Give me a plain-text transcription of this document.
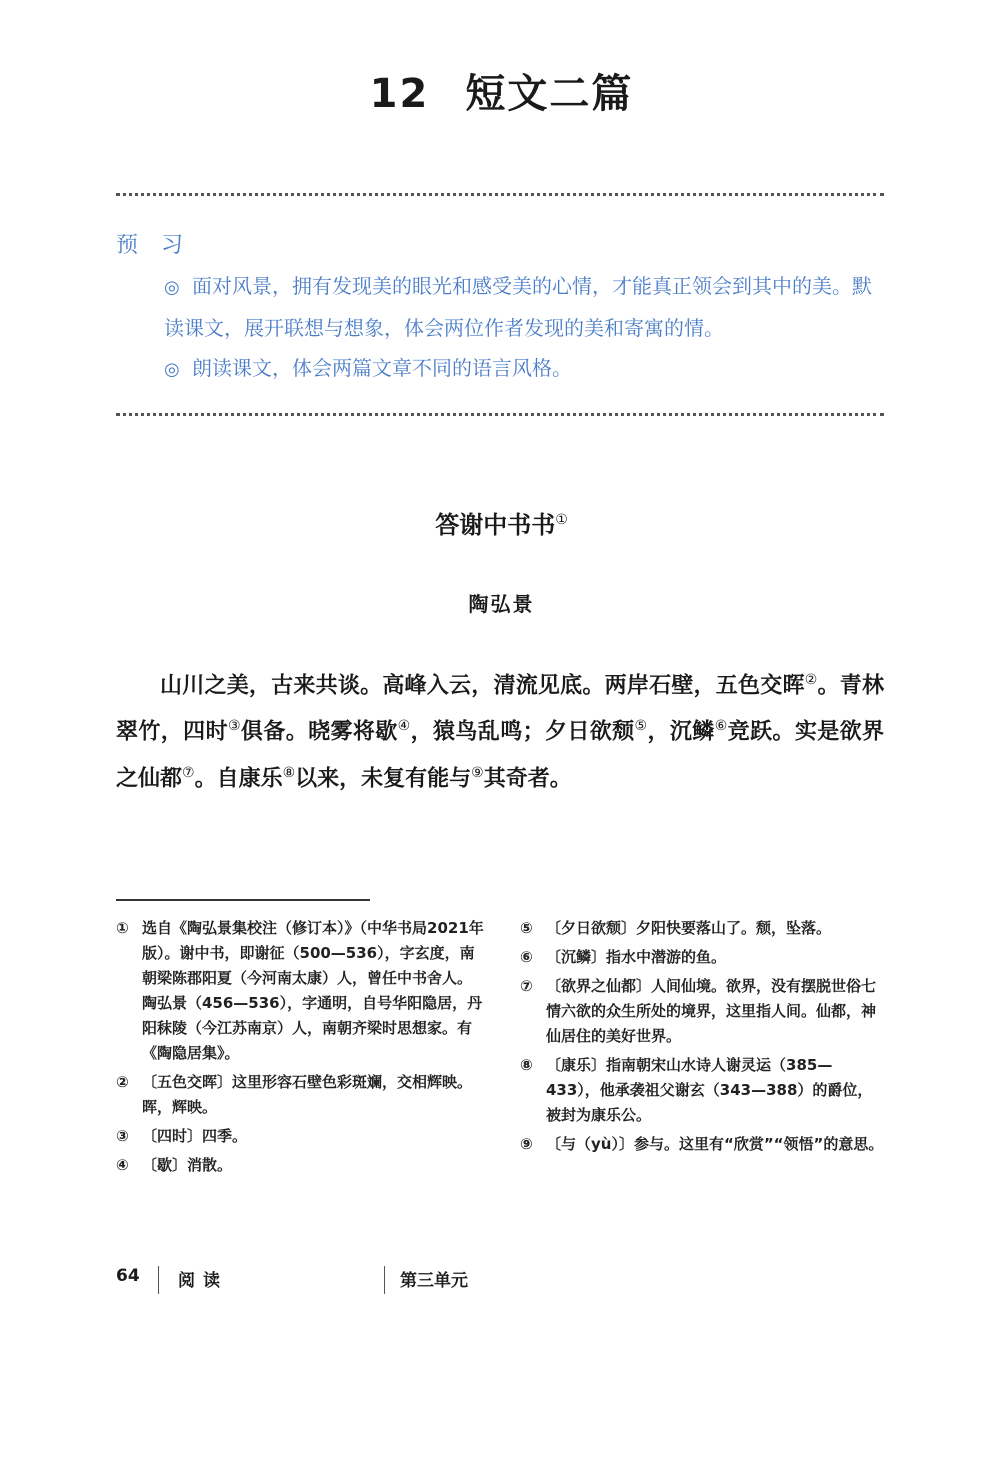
12 短文二篇
预 习

◎ 面对风景，拥有发现美的眼光和感受美的心情，才能真正领会到其中的美。默读课文，展开联想与想象，体会两位作者发现的美和寄寓的情。

◎ 朗读课文，体会两篇文章不同的语言风格。

答谢中书书①
陶弘景

山川之美，古来共谈。高峰入云，清流见底。两岸石壁，五色交晖②。青林翠竹，四时③俱备。晓雾将歇④，猿鸟乱鸣；夕日欲颓⑤，沉鳞⑥竞跃。实是欲界之仙都⑦。自康乐⑧以来，未复有能与⑨其奇者。

① 选自《陶弘景集校注（修订本）》（中华书局2021年版）。谢中书，即谢征（500—536），字玄度，南朝梁陈郡阳夏（今河南太康）人，曾任中书舍人。陶弘景（456—536），字通明，自号华阳隐居，丹阳秣陵（今江苏南京）人，南朝齐梁时思想家。有《陶隐居集》。
② 〔五色交晖〕这里形容石壁色彩斑斓，交相辉映。晖，辉映。
③ 〔四时〕四季。
④ 〔歇〕消散。
⑤ 〔夕日欲颓〕夕阳快要落山了。颓，坠落。
⑥ 〔沉鳞〕指水中潜游的鱼。
⑦ 〔欲界之仙都〕人间仙境。欲界，没有摆脱世俗七情六欲的众生所处的境界，这里指人间。仙都，神仙居住的美好世界。
⑧ 〔康乐〕指南朝宋山水诗人谢灵运（385—433），他承袭祖父谢玄（343—388）的爵位，被封为康乐公。
⑨ 〔与（yù）〕参与。这里有“欣赏”“领悟”的意思。
64 阅读	第三单元
